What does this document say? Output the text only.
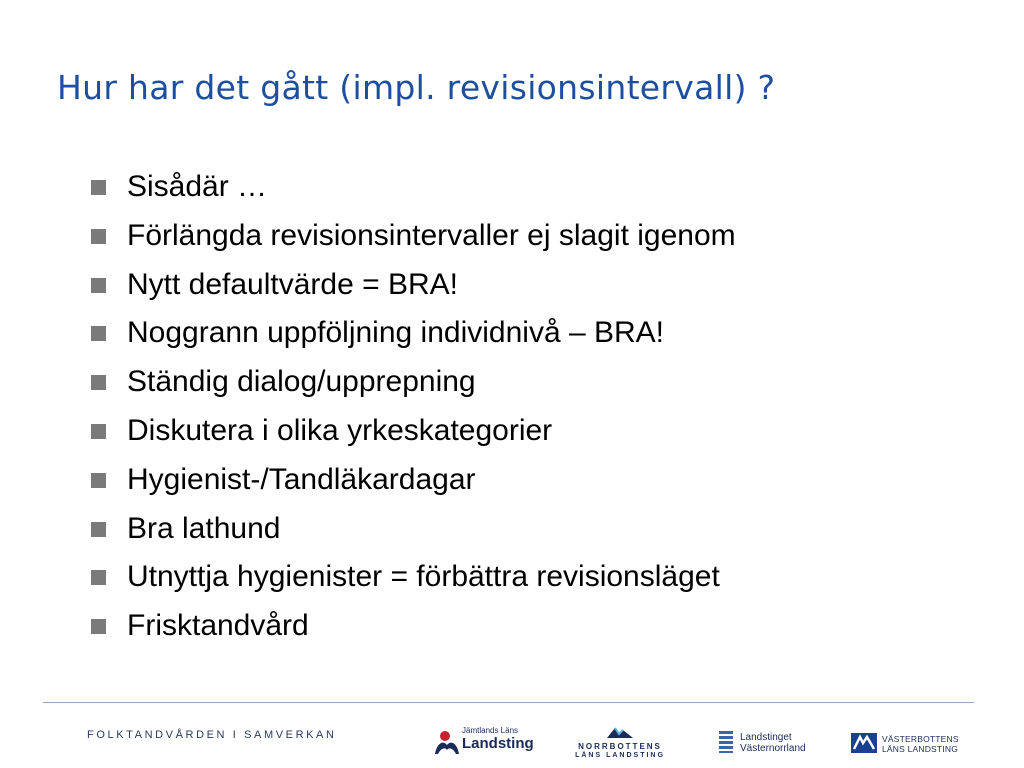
Hur har det gått (impl. revisionsintervall) ?
Sisådär …
Förlängda revisionsintervaller ej slagit igenom
Nytt defaultvärde = BRA!
Noggrann uppföljning individnivå – BRA!
Ständig dialog/upprepning
Diskutera i olika yrkeskategorier
Hygienist-/Tandläkardagar
Bra lathund
Utnyttja hygienister = förbättra revisionsläget
Frisktandvård
FOLKTANDVÅRDEN I SAMVERKAN	Jämtlands Läns
Landsting	NORRBOTTENS
LÄNS LANDSTING
Landstinget
Västernorrland
VÄSTERBOTTENS
LÄNS LANDSTING
